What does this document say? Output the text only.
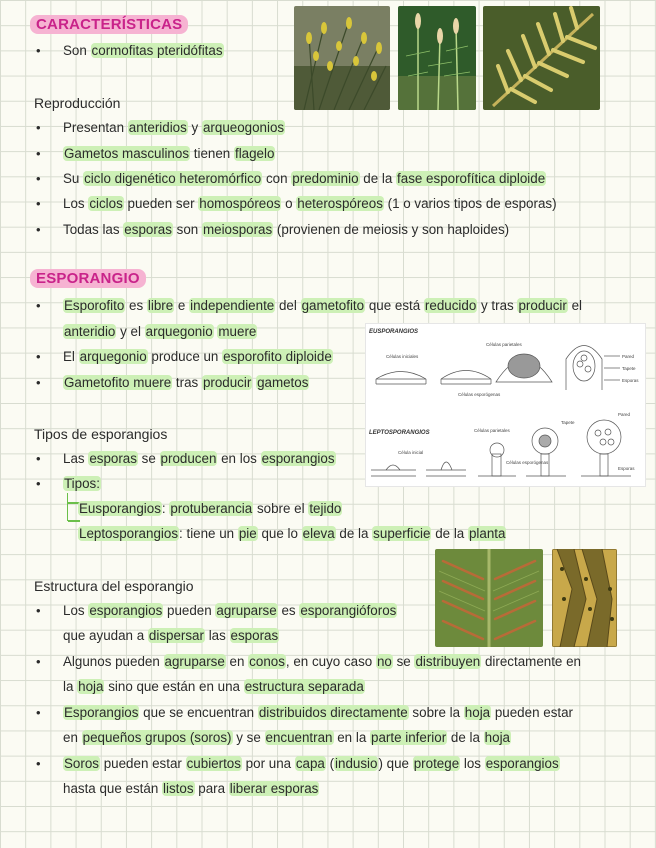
CARACTERÍSTICAS
• Son cormofitas pteridófitas
Reproducción
• Presentan anteridios y arqueogonios
• Gametos masculinos tienen flagelo
• Su ciclo digenético heteromórfico con predominio de la fase esporofítica diploide
• Los ciclos pueden ser homospóreos o heterospóreos (1 o varios tipos de esporas)
• Todas las esporas son meiosporas (provienen de meiosis y son haploides)
ESPORANGIO
• Esporofito es libre e independiente del gametofito que está reducido y tras producir el
anteridio y el arquegonio muere
• El arquegonio produce un esporofito diploide
• Gametofito muere tras producir gametos
EUSPORANGIOS
Células parietales
Células iniciales
Células esporógenas
Pared
Tapete
Esporas
LEPTOSPORANGIOS
Célula inicial
Células parietales
Células esporógenas
Tapete
Pared
Esporas
Tipos de esporangios
• Las esporas se producen en los esporangios
• Tipos:
Eusporangios: protuberancia sobre el tejido
Leptosporangios: tiene un pie que lo eleva de la superficie de la planta
Estructura del esporangio
• Los esporangios pueden agruparse es esporangióforos
que ayudan a dispersar las esporas
• Algunos pueden agruparse en conos, en cuyo caso no se distribuyen directamente en
la hoja sino que están en una estructura separada
• Esporangios que se encuentran distribuidos directamente sobre la hoja pueden estar
en pequeños grupos (soros) y se encuentran en la parte inferior de la hoja
• Soros pueden estar cubiertos por una capa (indusio) que protege los esporangios
hasta que están listos para liberar esporas
